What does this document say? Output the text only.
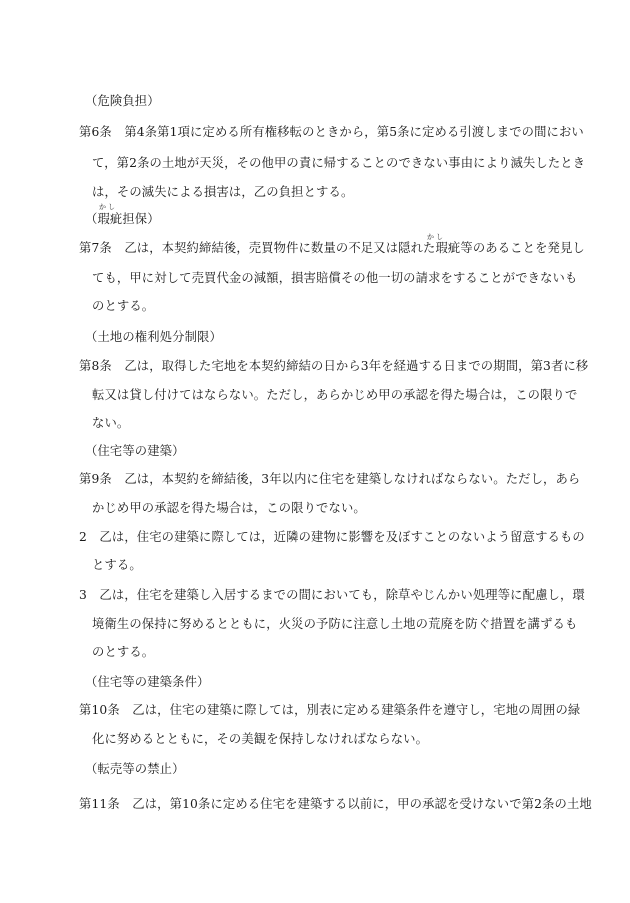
（危険負担）
第6条　第4条第1項に定める所有権移転のときから，第5条に定める引渡しまでの間におい
て，第2条の土地が天災，その他甲の責に帰することのできない事由により滅失したとき
は，その滅失による損害は，乙の負担とする。
かし
（瑕疵担保）
かし
第7条　乙は，本契約締結後，売買物件に数量の不足又は隠れた瑕疵等のあることを発見し
ても，甲に対して売買代金の減額，損害賠償その他一切の請求をすることができないも
のとする。
（土地の権利処分制限）
第8条　乙は，取得した宅地を本契約締結の日から3年を経過する日までの期間，第3者に移
転又は貸し付けてはならない。ただし，あらかじめ甲の承認を得た場合は，この限りで
ない。
（住宅等の建築）
第9条　乙は，本契約を締結後，3年以内に住宅を建築しなければならない。ただし，あら
かじめ甲の承認を得た場合は，この限りでない。
2　乙は，住宅の建築に際しては，近隣の建物に影響を及ぼすことのないよう留意するもの
とする。
3　乙は，住宅を建築し入居するまでの間においても，除草やじんかい処理等に配慮し，環
境衛生の保持に努めるとともに，火災の予防に注意し土地の荒廃を防ぐ措置を講ずるも
のとする。
（住宅等の建築条件）
第10条　乙は，住宅の建築に際しては，別表に定める建築条件を遵守し，宅地の周囲の緑
化に努めるとともに，その美観を保持しなければならない。
（転売等の禁止）
第11条　乙は，第10条に定める住宅を建築する以前に，甲の承認を受けないで第2条の土地
